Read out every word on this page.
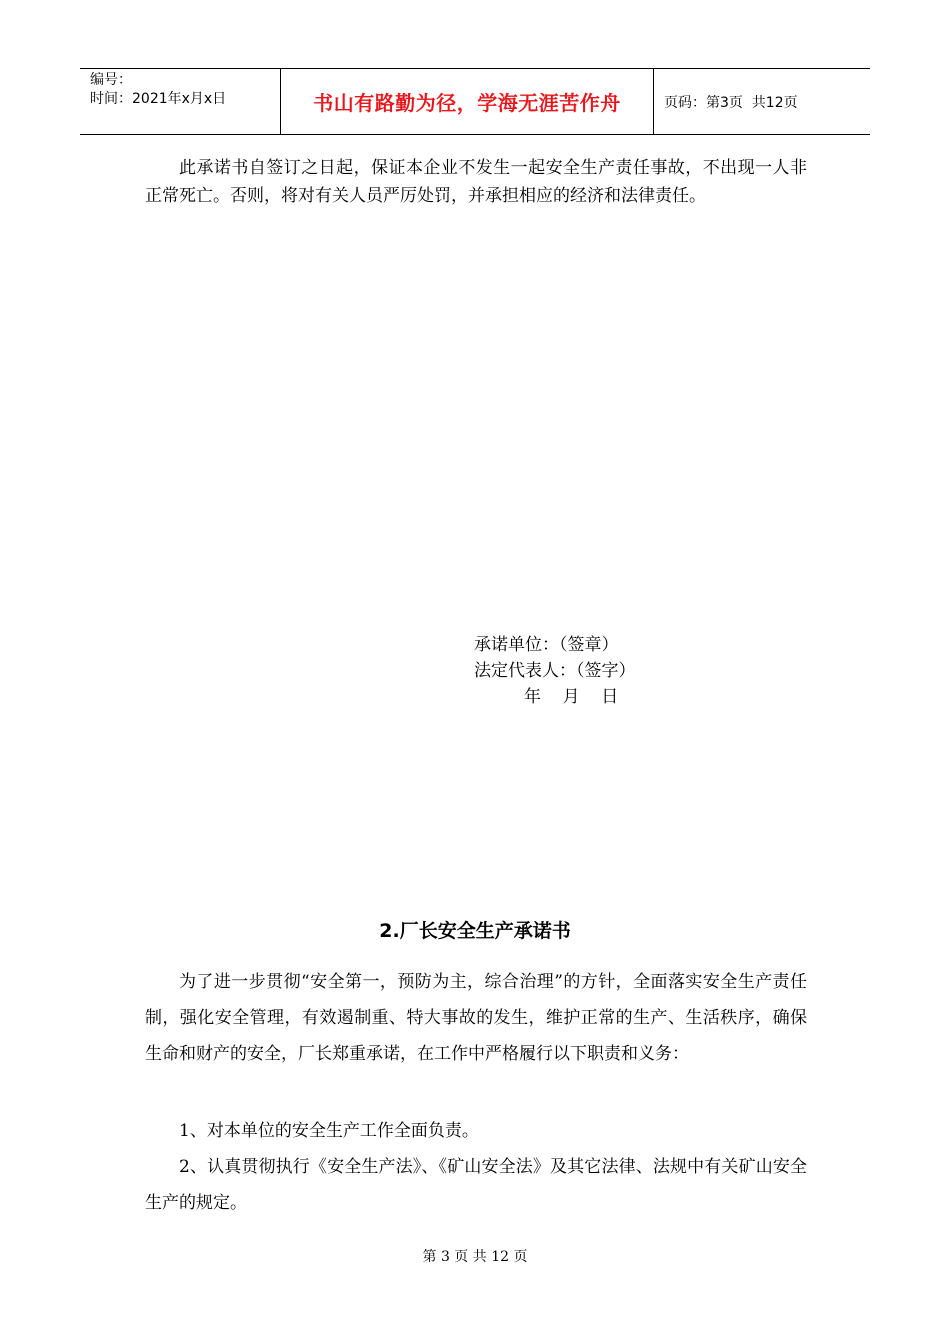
编号：
时间：2021年x月x日	书山有路勤为径，学海无涯苦作舟	页码：第3页  共12页

此承诺书自签订之日起，保证本企业不发生一起安全生产责任事故，不出现一人非正常死亡。否则，将对有关人员严厉处罚，并承担相应的经济和法律责任。

承诺单位：（签章）
法定代表人：（签字）
年    月    日
2.厂长安全生产承诺书

为了进一步贯彻“安全第一，预防为主，综合治理”的方针，全面落实安全生产责任制，强化安全管理，有效遏制重、特大事故的发生，维护正常的生产、生活秩序，确保生命和财产的安全，厂长郑重承诺，在工作中严格履行以下职责和义务：

1、对本单位的安全生产工作全面负责。

2、认真贯彻执行《安全生产法》、《矿山安全法》及其它法律、法规中有关矿山安全生产的规定。

第 3 页 共 12 页
